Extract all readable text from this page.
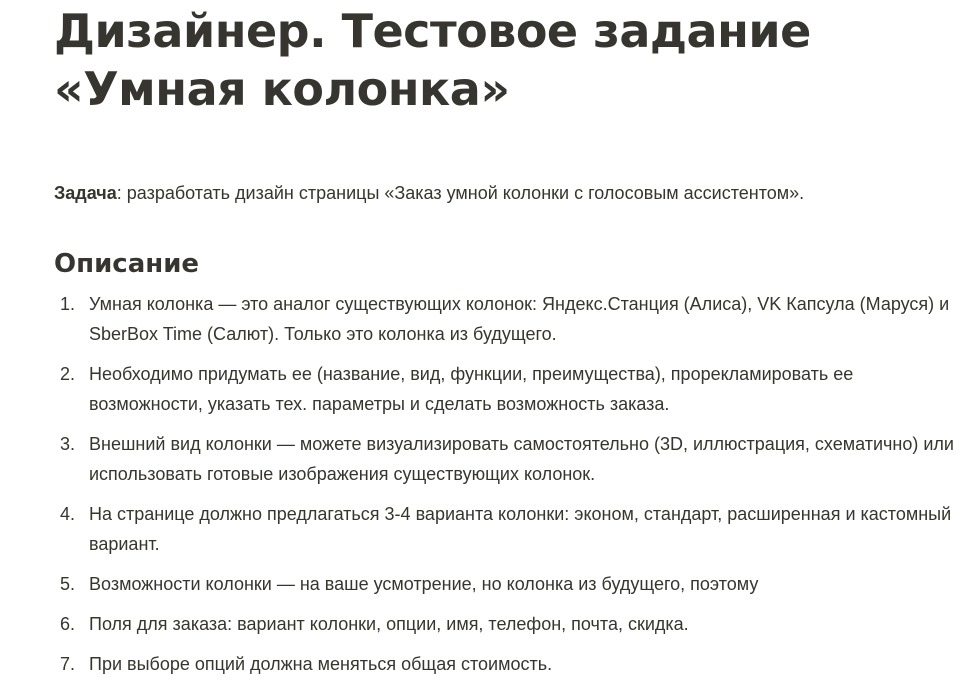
Дизайнер. Тестовое задание «Умная колонка»

Задача: разработать дизайн страницы «Заказ умной колонки с голосовым ассистентом».

Описание
1. Умная колонка — это аналог существующих колонок: Яндекс.Станция (Алиса), VK Капсула (Маруся) и SberBox Time (Салют). Только это колонка из будущего.
2. Необходимо придумать ее (название, вид, функции, преимущества), прорекламировать ее возможности, указать тех. параметры и сделать возможность заказа.
3. Внешний вид колонки — можете визуализировать самостоятельно (3D, иллюстрация, схематично) или использовать готовые изображения существующих колонок.
4. На странице должно предлагаться 3-4 варианта колонки: эконом, стандарт, расширенная и кастомный вариант.
5. Возможности колонки — на ваше усмотрение, но колонка из будущего, поэтому
6. Поля для заказа: вариант колонки, опции, имя, телефон, почта, скидка.
7. При выборе опций должна меняться общая стоимость.
